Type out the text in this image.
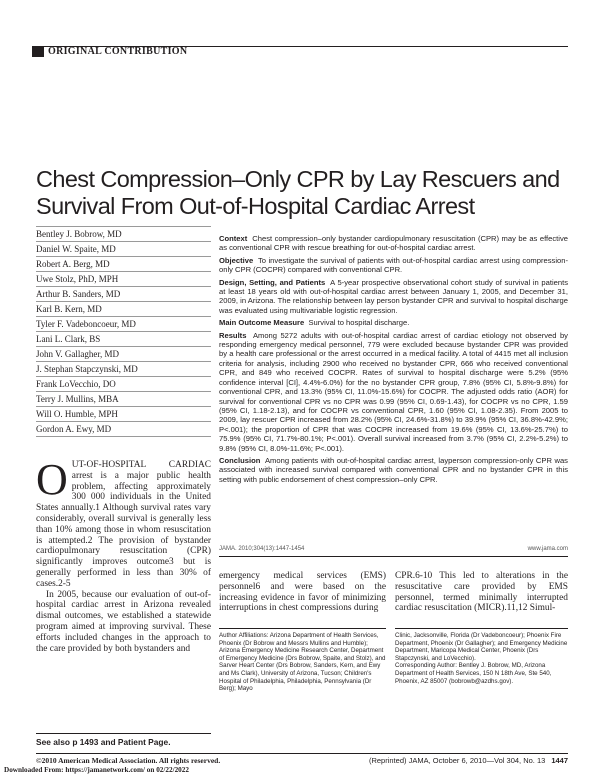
ORIGINAL CONTRIBUTION
Chest Compression–Only CPR by Lay Rescuers and Survival From Out-of-Hospital Cardiac Arrest
Bentley J. Bobrow, MD
Daniel W. Spaite, MD
Robert A. Berg, MD
Uwe Stolz, PhD, MPH
Arthur B. Sanders, MD
Karl B. Kern, MD
Tyler F. Vadeboncoeur, MD
Lani L. Clark, BS
John V. Gallagher, MD
J. Stephan Stapczynski, MD
Frank LoVecchio, DO
Terry J. Mullins, MBA
Will O. Humble, MPH
Gordon A. Ewy, MD

Context Chest compression–only bystander cardiopulmonary resuscitation (CPR) may be as effective as conventional CPR with rescue breathing for out-of-hospital cardiac arrest.

Objective To investigate the survival of patients with out-of-hospital cardiac arrest using compression-only CPR (COCPR) compared with conventional CPR.

Design, Setting, and Patients A 5-year prospective observational cohort study of survival in patients at least 18 years old with out-of-hospital cardiac arrest between January 1, 2005, and December 31, 2009, in Arizona. The relationship between lay person bystander CPR and survival to hospital discharge was evaluated using multivariable logistic regression.

Main Outcome Measure Survival to hospital discharge.

Results Among 5272 adults with out-of-hospital cardiac arrest of cardiac etiology not observed by responding emergency medical personnel, 779 were excluded because bystander CPR was provided by a health care professional or the arrest occurred in a medical facility. A total of 4415 met all inclusion criteria for analysis, including 2900 who received no bystander CPR, 666 who received conventional CPR, and 849 who received COCPR. Rates of survival to hospital discharge were 5.2% (95% confidence interval [CI], 4.4%-6.0%) for the no bystander CPR group, 7.8% (95% CI, 5.8%-9.8%) for conventional CPR, and 13.3% (95% CI, 11.0%-15.6%) for COCPR. The adjusted odds ratio (AOR) for survival for conventional CPR vs no CPR was 0.99 (95% CI, 0.69-1.43), for COCPR vs no CPR, 1.59 (95% CI, 1.18-2.13), and for COCPR vs conventional CPR, 1.60 (95% CI, 1.08-2.35). From 2005 to 2009, lay rescuer CPR increased from 28.2% (95% CI, 24.6%-31.8%) to 39.9% (95% CI, 36.8%-42.9%; P<.001); the proportion of CPR that was COCPR increased from 19.6% (95% CI, 13.6%-25.7%) to 75.9% (95% CI, 71.7%-80.1%; P<.001). Overall survival increased from 3.7% (95% CI, 2.2%-5.2%) to 9.8% (95% CI, 8.0%-11.6%; P<.001).

Conclusion Among patients with out-of-hospital cardiac arrest, layperson compression-only CPR was associated with increased survival compared with conventional CPR and no bystander CPR in this setting with public endorsement of chest compression–only CPR.

JAMA. 2010;304(13):1447-1454	www.jama.com

OUT-OF-HOSPITAL CARDIAC arrest is a major public health problem, affecting approximately 300 000 individuals in the United States annually.1 Although survival rates vary considerably, overall survival is generally less than 10% among those in whom resuscitation is attempted.2 The provision of bystander cardiopulmonary resuscitation (CPR) significantly improves outcome3 but is generally performed in less than 30% of cases.2-5

In 2005, because our evaluation of out-of-hospital cardiac arrest in Arizona revealed dismal outcomes, we established a statewide program aimed at improving survival. These efforts included changes in the approach to the care provided by both bystanders and

emergency medical services (EMS) personnel6 and were based on the increasing evidence in favor of minimizing interruptions in chest compressions during

CPR.6-10 This led to alterations in the resuscitative care provided by EMS personnel, termed minimally interrupted cardiac resuscitation (MICR).11,12 Simul-

Author Affiliations: Arizona Department of Health Services, Phoenix (Dr Bobrow and Messrs Mullins and Humble); Arizona Emergency Medicine Research Center, Department of Emergency Medicine (Drs Bobrow, Spaite, and Stolz), and Sarver Heart Center (Drs Bobrow, Sanders, Kern, and Ewy and Ms Clark), University of Arizona, Tucson; Children's Hospital of Philadelphia, Philadelphia, Pennsylvania (Dr Berg); Mayo
Clinic, Jacksonville, Florida (Dr Vadeboncoeur); Phoenix Fire Department, Phoenix (Dr Gallagher); and Emergency Medicine Department, Maricopa Medical Center, Phoenix (Drs Stapczynski, and LoVecchio).
Corresponding Author: Bentley J. Bobrow, MD, Arizona Department of Health Services, 150 N 18th Ave, Ste 540, Phoenix, AZ 85007 (bobrowb@azdhs.gov).
See also p 1493 and Patient Page.
©2010 American Medical Association. All rights reserved.	(Reprinted) JAMA, October 6, 2010—Vol 304, No. 13 1447
Downloaded From: https://jamanetwork.com/ on 02/22/2022
